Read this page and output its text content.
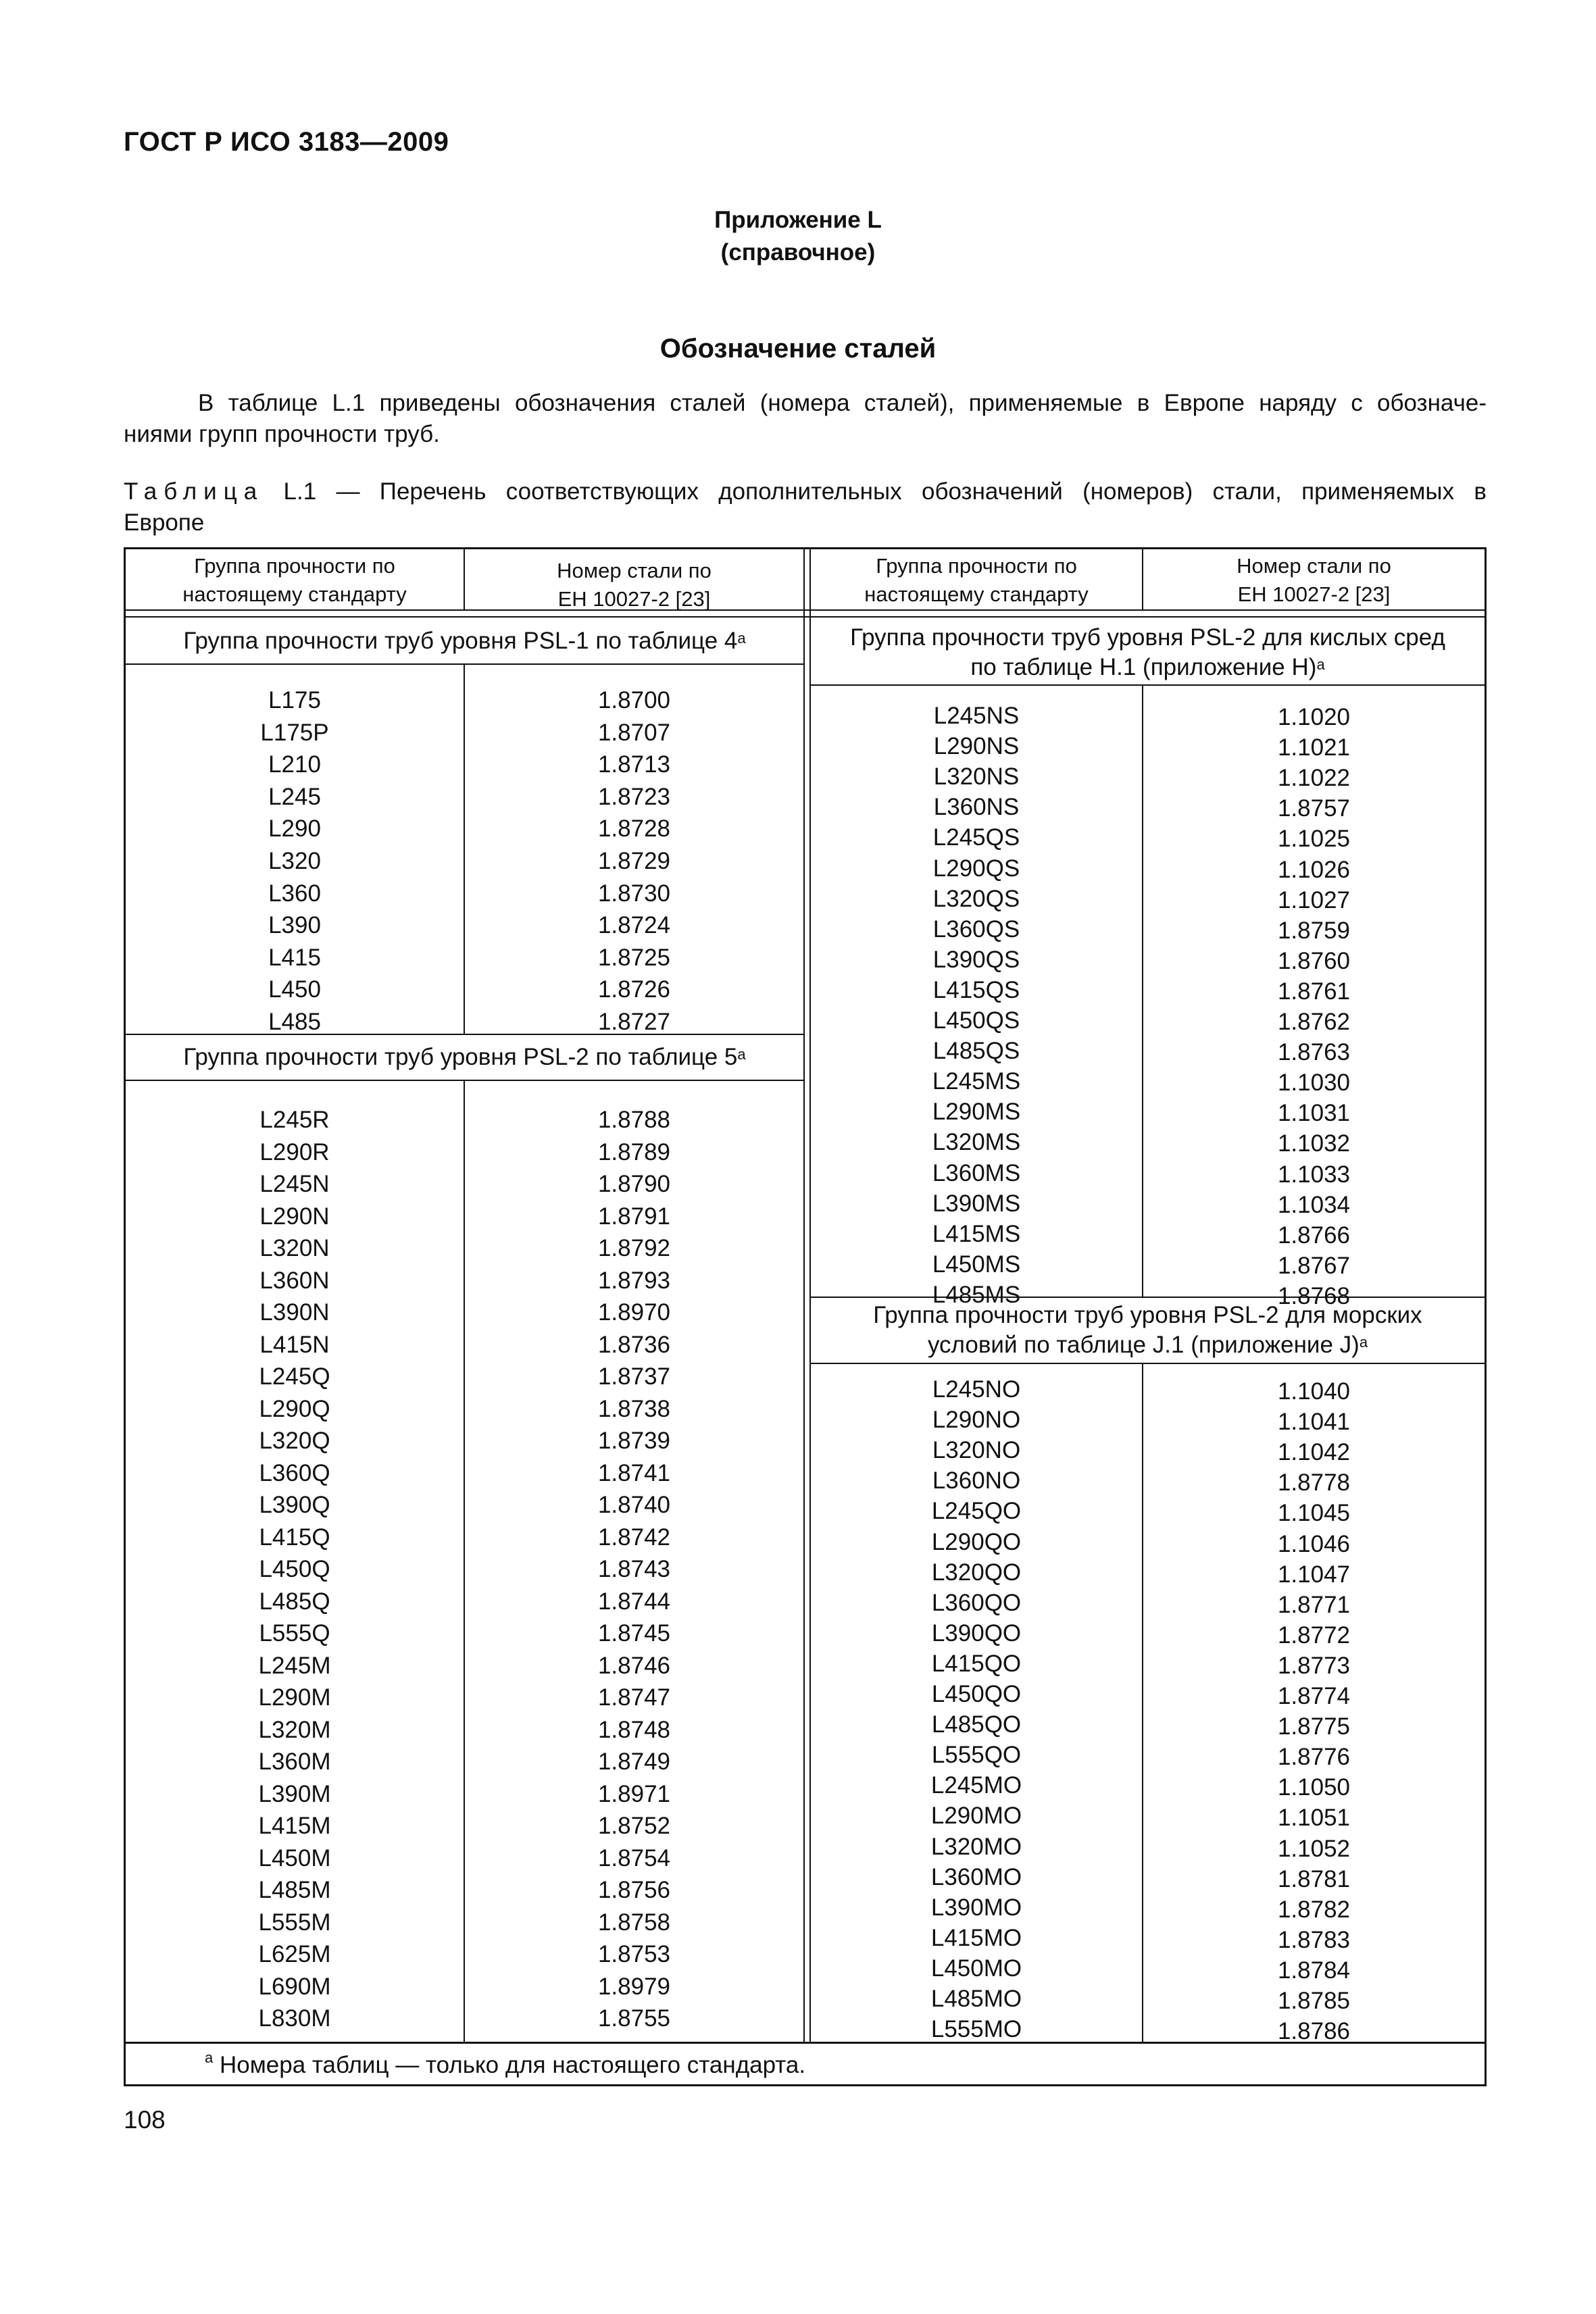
ГОСТ Р ИСО 3183—2009
Приложение L
(справочное)
Обозначение сталей
В таблице L.1 приведены обозначения сталей (номера сталей), применяемые в Европе наряду с обозначе-
ниями групп прочности труб.
Таблица L.1 — Перечень соответствующих дополнительных обозначений (номеров) стали, применяемых в
Европе
Группа прочности по
настоящему стандарту
Номер стали по
ЕН 10027-2 [23]
Группа прочности по
настоящему стандарту
Номер стали по
ЕН 10027-2 [23]
Группа прочности труб уровня PSL-1 по таблице 4$^a$
Группа прочности труб уровня PSL-2 по таблице 5$^a$
Группа прочности труб уровня PSL-2 для кислых сред
по таблице H.1 (приложение H)$^a$
Группа прочности труб уровня PSL-2 для морских
условий по таблице J.1 (приложение J)$^a$
L175
L175P
L210
L245
L290
L320
L360
L390
L415
L450
L485
1.8700
1.8707
1.8713
1.8723
1.8728
1.8729
1.8730
1.8724
1.8725
1.8726
1.8727
L245R
L290R
L245N
L290N
L320N
L360N
L390N
L415N
L245Q
L290Q
L320Q
L360Q
L390Q
L415Q
L450Q
L485Q
L555Q
L245M
L290M
L320M
L360M
L390M
L415M
L450M
L485M
L555M
L625M
L690M
L830M
1.8788
1.8789
1.8790
1.8791
1.8792
1.8793
1.8970
1.8736
1.8737
1.8738
1.8739
1.8741
1.8740
1.8742
1.8743
1.8744
1.8745
1.8746
1.8747
1.8748
1.8749
1.8971
1.8752
1.8754
1.8756
1.8758
1.8753
1.8979
1.8755
L245NS
L290NS
L320NS
L360NS
L245QS
L290QS
L320QS
L360QS
L390QS
L415QS
L450QS
L485QS
L245MS
L290MS
L320MS
L360MS
L390MS
L415MS
L450MS
L485MS
1.1020
1.1021
1.1022
1.8757
1.1025
1.1026
1.1027
1.8759
1.8760
1.8761
1.8762
1.8763
1.1030
1.1031
1.1032
1.1033
1.1034
1.8766
1.8767
1.8768
L245NO
L290NO
L320NO
L360NO
L245QO
L290QO
L320QO
L360QO
L390QO
L415QO
L450QO
L485QO
L555QO
L245MO
L290MO
L320MO
L360MO
L390MO
L415MO
L450MO
L485MO
L555MO
1.1040
1.1041
1.1042
1.8778
1.1045
1.1046
1.1047
1.8771
1.8772
1.8773
1.8774
1.8775
1.8776
1.1050
1.1051
1.1052
1.8781
1.8782
1.8783
1.8784
1.8785
1.8786
$^a$ Номера таблиц — только для настоящего стандарта.
108
